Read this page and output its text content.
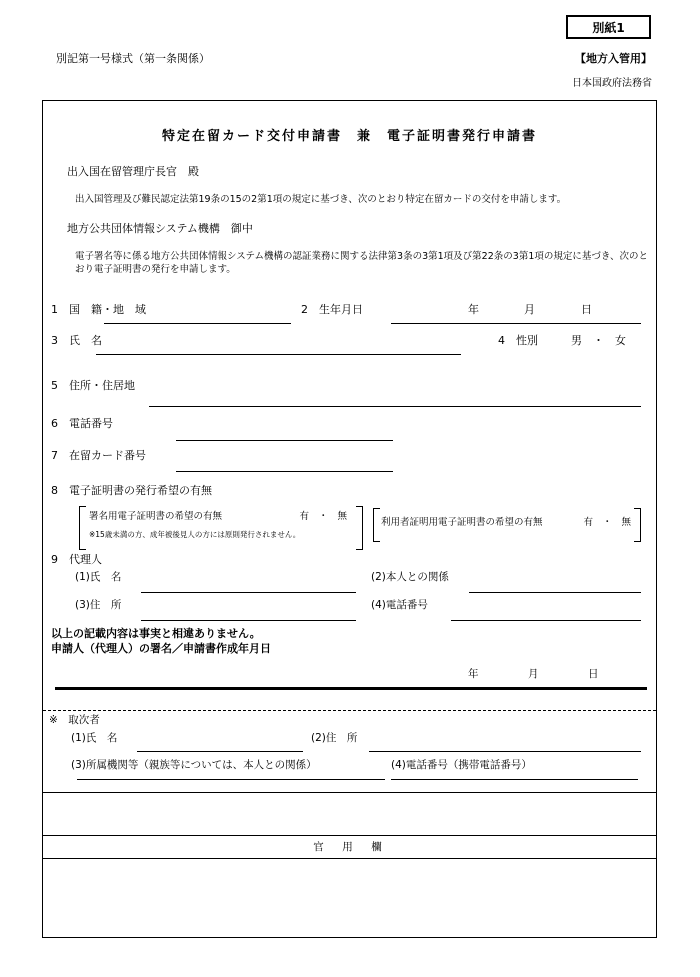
別紙1
別記第一号様式（第一条関係）	【地方入管用】
日本国政府法務省
特定在留カード交付申請書　兼　電子証明書発行申請書
出入国在留管理庁長官　殿
出入国管理及び難民認定法第19条の15の2第1項の規定に基づき、次のとおり特定在留カードの交付を申請します。
地方公共団体情報システム機構　御中
電子署名等に係る地方公共団体情報システム機構の認証業務に関する法律第3条の3第1項及び第22条の3第1項の規定に基づき、次のとおり電子証明書の発行を申請します。
1　国　籍・地　域	2　生年月日	年	月	日
3　氏　名	4　性別	男　・　女
5　住所・住居地
6　電話番号
7　在留カード番号
8　電子証明書の発行希望の有無
署名用電子証明書の希望の有無	有　・　無
※15歳未満の方、成年被後見人の方には原則発行されません。
利用者証明用電子証明書の希望の有無	有　・　無
9　代理人
(1)氏　名	(2)本人との関係
(3)住　所	(4)電話番号
以上の記載内容は事実と相違ありません。
申請人（代理人）の署名／申請書作成年月日
年	月	日
※　取次者
(1)氏　名	(2)住　所
(3)所属機関等（親族等については、本人との関係）	(4)電話番号（携帯電話番号）
官　用　欄
